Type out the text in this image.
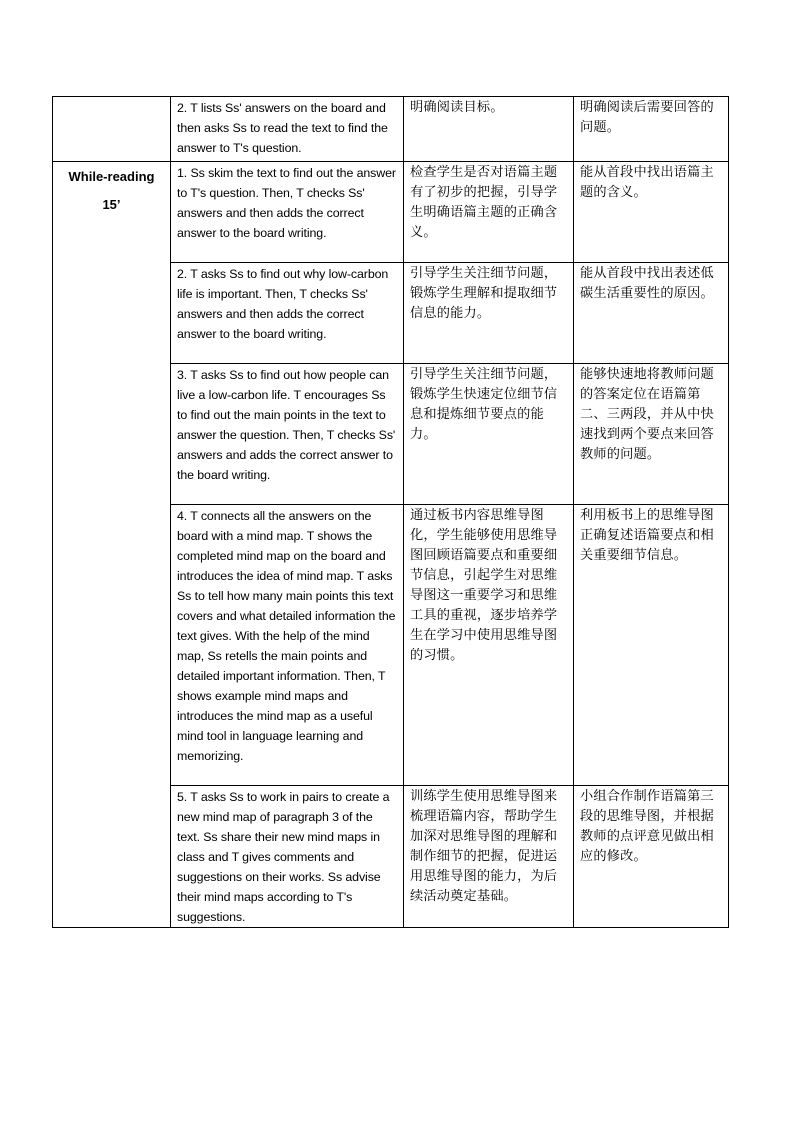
	2. T lists Ss' answers on the board and then asks Ss to read the text to find the answer to T's question.	明确阅读目标。	明确阅读后需要回答的问题。

While-reading
15’	1. Ss skim the text to find out the answer to T's question. Then, T checks Ss' answers and then adds the correct answer to the board writing.	检查学生是否对语篇主题有了初步的把握，引导学生明确语篇主题的正确含义。	能从首段中找出语篇主题的含义。
	2. T asks Ss to find out why low-carbon life is important. Then, T checks Ss' answers and then adds the correct answer to the board writing.	引导学生关注细节问题，锻炼学生理解和提取细节信息的能力。	能从首段中找出表述低碳生活重要性的原因。
	3. T asks Ss to find out how people can live a low-carbon life. T encourages Ss to find out the main points in the text to answer the question. Then, T checks Ss' answers and adds the correct answer to the board writing.	引导学生关注细节问题，锻炼学生快速定位细节信息和提炼细节要点的能力。	能够快速地将教师问题的答案定位在语篇第二、三两段，并从中快速找到两个要点来回答教师的问题。
	4. T connects all the answers on the board with a mind map. T shows the completed mind map on the board and introduces the idea of mind map. T asks Ss to tell how many main points this text covers and what detailed information the text gives. With the help of the mind map, Ss retells the main points and detailed important information. Then, T shows example mind maps and introduces the mind map as a useful mind tool in language learning and memorizing.	通过板书内容思维导图化，学生能够使用思维导图回顾语篇要点和重要细节信息，引起学生对思维导图这一重要学习和思维工具的重视，逐步培养学生在学习中使用思维导图的习惯。	利用板书上的思维导图正确复述语篇要点和相关重要细节信息。
	5. T asks Ss to work in pairs to create a new mind map of paragraph 3 of the text. Ss share their new mind maps in class and T gives comments and suggestions on their works. Ss advise their mind maps according to T's suggestions.	训练学生使用思维导图来梳理语篇内容，帮助学生加深对思维导图的理解和制作细节的把握，促进运用思维导图的能力，为后续活动奠定基础。	小组合作制作语篇第三段的思维导图，并根据教师的点评意见做出相应的修改。
